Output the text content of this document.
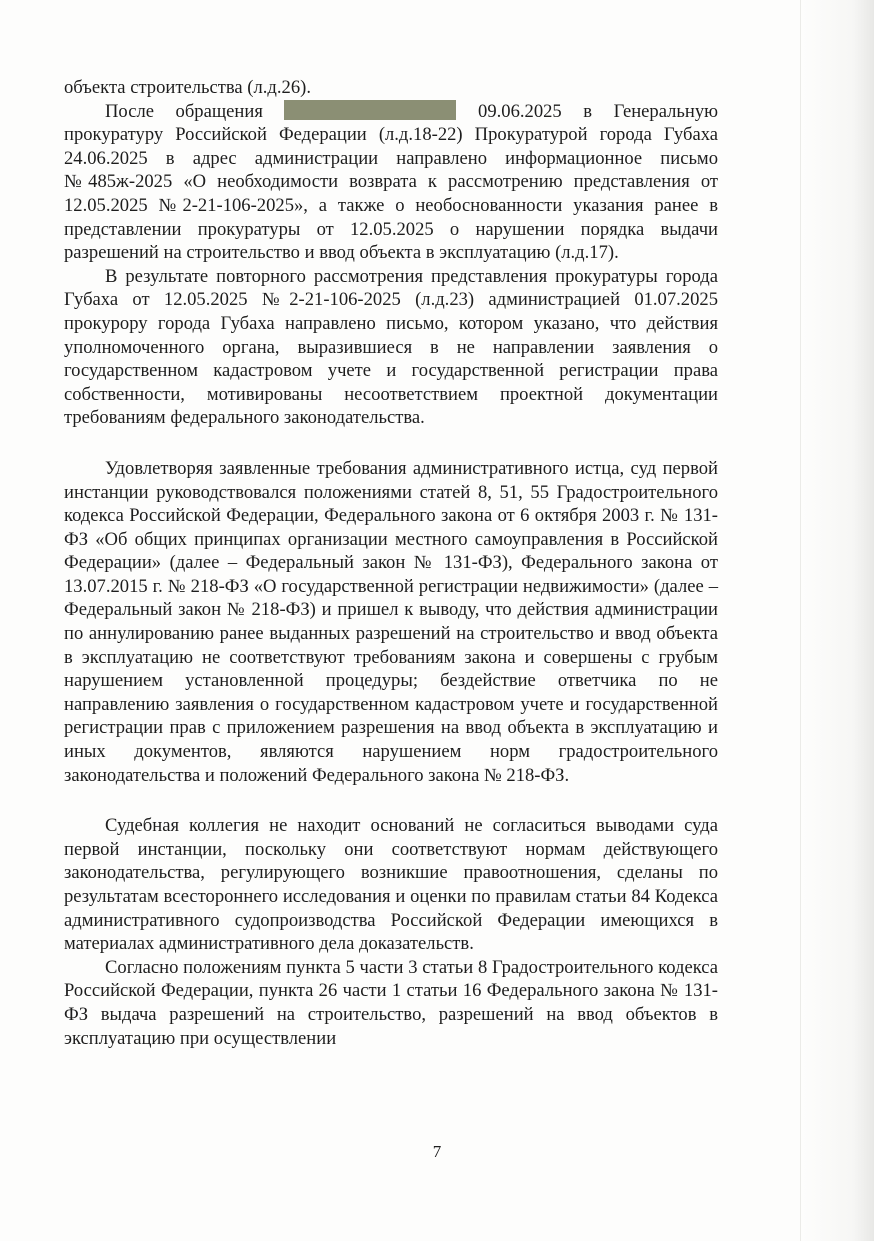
объекта строительства (л.д.26).

После обращения	09.06.2025 в Генеральную прокуратуру Российской Федерации (л.д.18-22) Прокуратурой города Губаха 24.06.2025 в адрес администрации направлено информационное письмо №485ж-2025 «О необходимости возврата к рассмотрению представления от 12.05.2025 №2-21-106-2025», а также о необоснованности указания ранее в представлении прокуратуры от 12.05.2025 о нарушении порядка выдачи разрешений на строительство и ввод объекта в эксплуатацию (л.д.17).

В результате повторного рассмотрения представления прокуратуры города Губаха от 12.05.2025 №2-21-106-2025 (л.д.23) администрацией 01.07.2025 прокурору города Губаха направлено письмо, котором указано, что действия уполномоченного органа, выразившиеся в не направлении заявления о государственном кадастровом учете и государственной регистрации права собственности, мотивированы несоответствием проектной документации требованиям федерального законодательства.

Удовлетворяя заявленные требования административного истца, суд первой инстанции руководствовался положениями статей 8, 51, 55 Градостроительного кодекса Российской Федерации, Федерального закона от 6 октября 2003 г. № 131-ФЗ «Об общих принципах организации местного самоуправления в Российской Федерации» (далее – Федеральный закон № 131-ФЗ), Федерального закона от 13.07.2015 г. № 218-ФЗ «О государственной регистрации недвижимости» (далее – Федеральный закон № 218-ФЗ) и пришел к выводу, что действия администрации по аннулированию ранее выданных разрешений на строительство и ввод объекта в эксплуатацию не соответствуют требованиям закона и совершены с грубым нарушением установленной процедуры; бездействие ответчика по не направлению заявления о государственном кадастровом учете и государственной регистрации прав с приложением разрешения на ввод объекта в эксплуатацию и иных документов, являются нарушением норм градостроительного законодательства и положений Федерального закона № 218-ФЗ.

Судебная коллегия не находит оснований не согласиться выводами суда первой инстанции, поскольку они соответствуют нормам действующего законодательства, регулирующего возникшие правоотношения, сделаны по результатам всестороннего исследования и оценки по правилам статьи 84 Кодекса административного судопроизводства Российской Федерации имеющихся в материалах административного дела доказательств.

Согласно положениям пункта 5 части 3 статьи 8 Градостроительного кодекса Российской Федерации, пункта 26 части 1 статьи 16 Федерального закона № 131-ФЗ выдача разрешений на строительство, разрешений на ввод объектов в эксплуатацию при осуществлении

7
